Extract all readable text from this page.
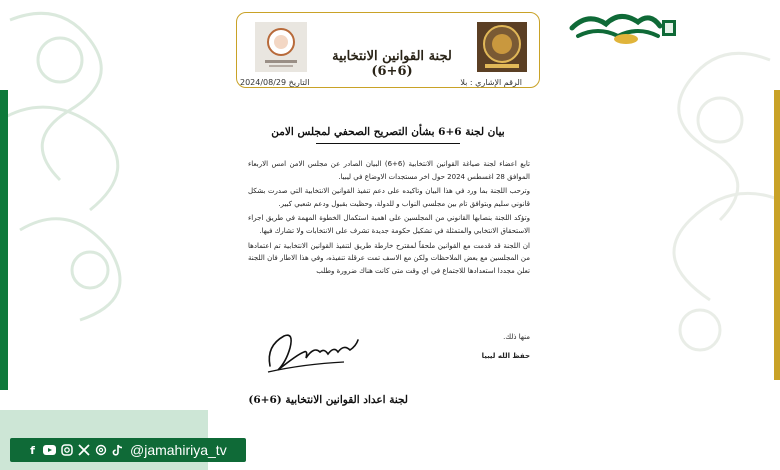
لجنة القوانين الانتخابية (6+6)
التاريخ 2024/08/29	الرقم الإشاري : بلا
بيان لجنة 6+6 بشأن التصريح الصحفي لمجلس الامن

تابع اعضاء لجنة صياغة القوانين الانتخابية (6+6) البيان الصادر عن مجلس الامن امس الاربعاء الموافق 28 اغسطس 2024 حول اخر مستجدات الاوضاع في ليبيا.

وترحب اللجنة بما ورد في هذا البيان وتاكيده على دعم تنفيذ القوانين الانتخابية التي صدرت بشكل قانوني سليم وبتوافق تام بين مجلسي النواب و للدولة، وحظيت بقبول ودعم شعبي كبير.

وتؤكد اللجنة بنصابها القانوني من المجلسين على اهمية استكمال الخطوة المهمة في طريق اجراء الاستحقاق الانتخابي والمتمثلة في تشكيل حكومة جديدة تشرف على الانتخابات ولا تشارك فيها.

ان اللجنة قد قدمت مع القوانين ملحقاً لمقترح خارطة طريق لتنفيذ القوانين الانتخابية تم اعتمادها من المجلسين مع بعض الملاحظات ولكن مع الاسف تمت عرقلة تنفيذه، وفي هذا الاطار فان اللجنة تعلن مجددا استعدادها للاجتماع في اي وقت متى كانت هناك ضرورة وطلب

منها ذلك.
حفظ الله ليبيا
لجنة اعداد القوانين الانتخابية (6+6)
f	@jamahiriya_tv
